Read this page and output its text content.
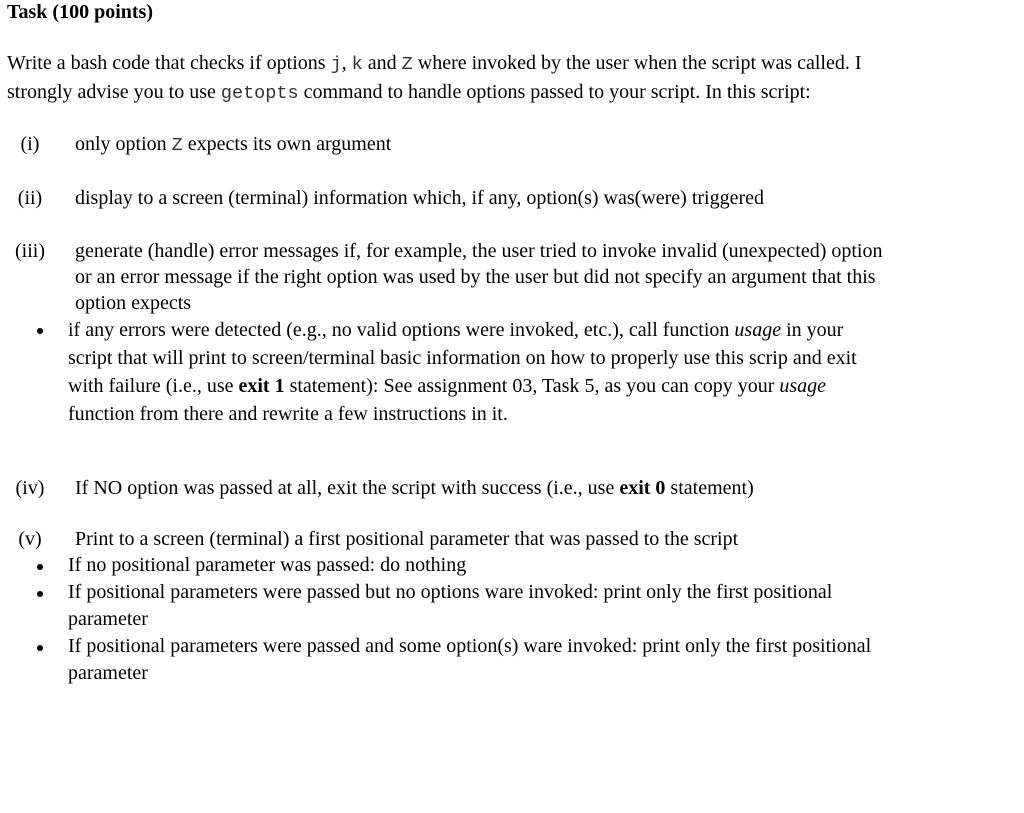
Task (100 points)
Write a bash code that checks if options j, k and Z where invoked by the user when the script was called. I strongly advise you to use getopts command to handle options passed to your script. In this script:
(i)	only option Z expects its own argument
(ii)	display to a screen (terminal) information which, if any, option(s) was(were) triggered
(iii)	generate (handle) error messages if, for example, the user tried to invoke invalid (unexpected) option or an error message if the right option was used by the user but did not specify an argument that this option expects
if any errors were detected (e.g., no valid options were invoked, etc.), call function usage in your script that will print to screen/terminal basic information on how to properly use this scrip and exit with failure (i.e., use exit 1 statement): See assignment 03, Task 5, as you can copy your usage function from there and rewrite a few instructions in it.
(iv)	If NO option was passed at all, exit the script with success (i.e., use exit 0 statement)
(v)	Print to a screen (terminal) a first positional parameter that was passed to the script
If no positional parameter was passed: do nothing
If positional parameters were passed but no options ware invoked: print only the first positional parameter
If positional parameters were passed and some option(s) ware invoked: print only the first positional parameter
